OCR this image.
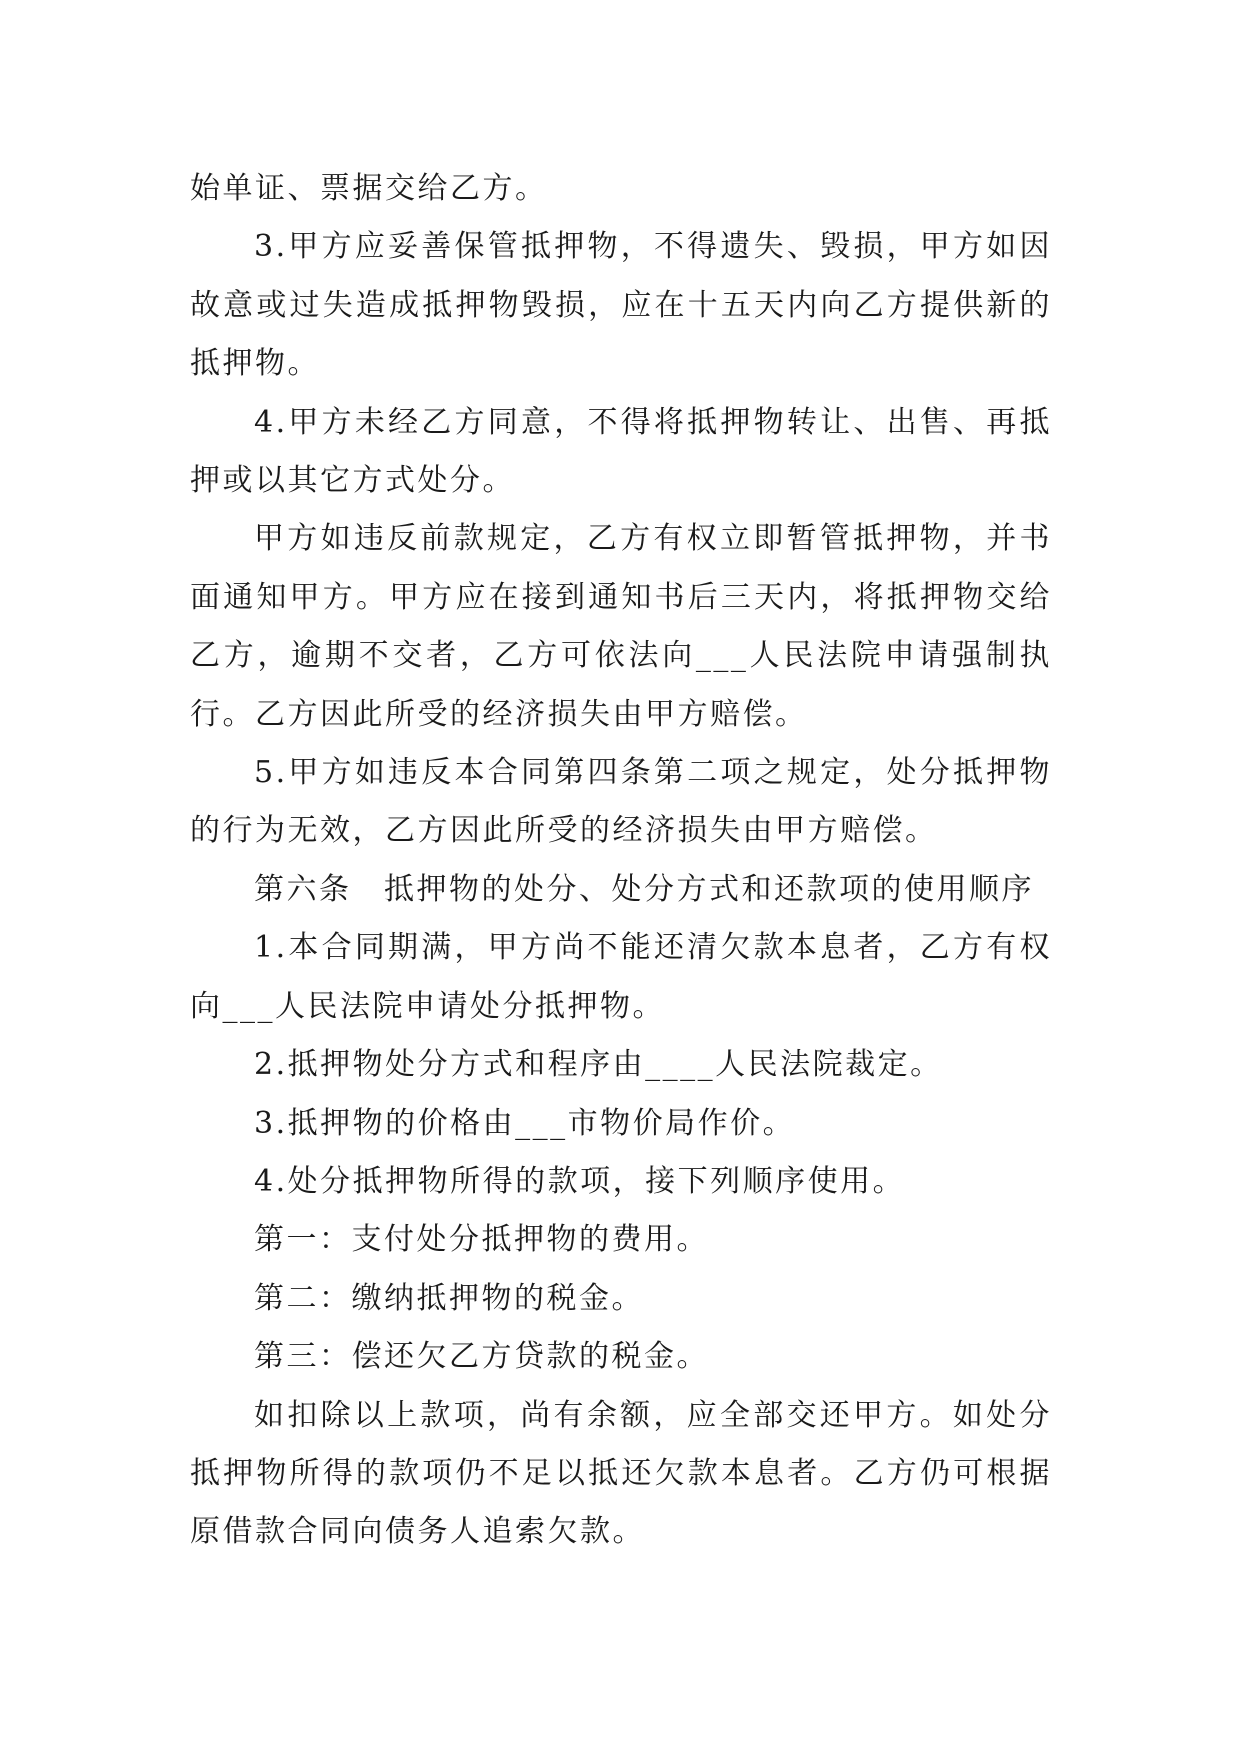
始单证、票据交给乙方。

3.甲方应妥善保管抵押物，不得遗失、毁损，甲方如因故意或过失造成抵押物毁损，应在十五天内向乙方提供新的抵押物。

4.甲方未经乙方同意，不得将抵押物转让、出售、再抵押或以其它方式处分。

甲方如违反前款规定，乙方有权立即暂管抵押物，并书面通知甲方。甲方应在接到通知书后三天内，将抵押物交给乙方，逾期不交者，乙方可依法向___人民法院申请强制执行。乙方因此所受的经济损失由甲方赔偿。

5.甲方如违反本合同第四条第二项之规定，处分抵押物的行为无效，乙方因此所受的经济损失由甲方赔偿。

第六条　抵押物的处分、处分方式和还款项的使用顺序

1.本合同期满，甲方尚不能还清欠款本息者，乙方有权向___人民法院申请处分抵押物。

2.抵押物处分方式和程序由____人民法院裁定。

3.抵押物的价格由___市物价局作价。

4.处分抵押物所得的款项，接下列顺序使用。

第一：支付处分抵押物的费用。

第二：缴纳抵押物的税金。

第三：偿还欠乙方贷款的税金。

如扣除以上款项，尚有余额，应全部交还甲方。如处分抵押物所得的款项仍不足以抵还欠款本息者。乙方仍可根据原借款合同向债务人追索欠款。
